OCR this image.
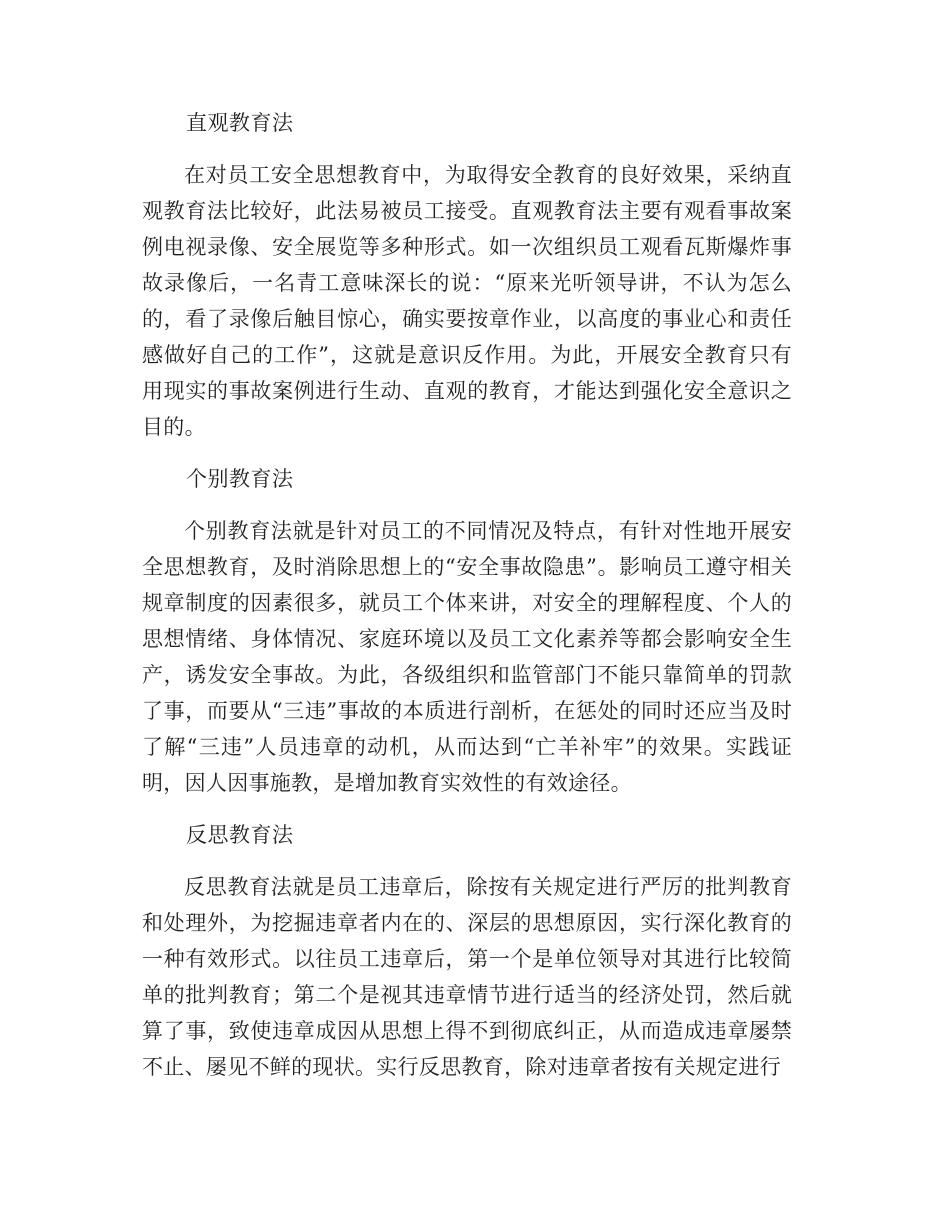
直观教育法

在对员工安全思想教育中，为取得安全教育的良好效果，采纳直观教育法比较好，此法易被员工接受。直观教育法主要有观看事故案例电视录像、安全展览等多种形式。如一次组织员工观看瓦斯爆炸事故录像后，一名青工意味深长的说：“原来光听领导讲，不认为怎么的，看了录像后触目惊心，确实要按章作业，以高度的事业心和责任感做好自己的工作”，这就是意识反作用。为此，开展安全教育只有用现实的事故案例进行生动、直观的教育，才能达到强化安全意识之目的。

个别教育法

个别教育法就是针对员工的不同情况及特点，有针对性地开展安全思想教育，及时消除思想上的“安全事故隐患”。影响员工遵守相关规章制度的因素很多，就员工个体来讲，对安全的理解程度、个人的思想情绪、身体情况、家庭环境以及员工文化素养等都会影响安全生产，诱发安全事故。为此，各级组织和监管部门不能只靠简单的罚款了事，而要从“三违”事故的本质进行剖析，在惩处的同时还应当及时了解“三违”人员违章的动机，从而达到“亡羊补牢”的效果。实践证明，因人因事施教，是增加教育实效性的有效途径。

反思教育法

反思教育法就是员工违章后，除按有关规定进行严厉的批判教育和处理外，为挖掘违章者内在的、深层的思想原因，实行深化教育的一种有效形式。以往员工违章后，第一个是单位领导对其进行比较简单的批判教育；第二个是视其违章情节进行适当的经济处罚，然后就算了事，致使违章成因从思想上得不到彻底纠正，从而造成违章屡禁不止、屡见不鲜的现状。实行反思教育，除对违章者按有关规定进行
